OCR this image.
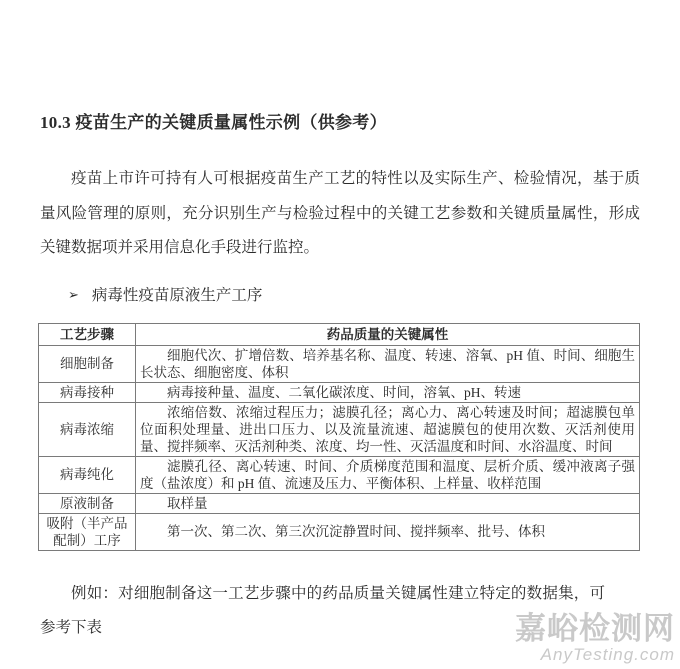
嘉峪检测网
AnyTesting.com
10.3 疫苗生产的关键质量属性示例（供参考）

疫苗上市许可持有人可根据疫苗生产工艺的特性以及实际生产、检验情况，基于质量风险管理的原则，充分识别生产与检验过程中的关键工艺参数和关键质量属性，形成关键数据项并采用信息化手段进行监控。

➢ 病毒性疫苗原液生产工序
工艺步骤	药品质量的关键属性
细胞制备	细胞代次、扩增倍数、培养基名称、温度、转速、溶氧、pH 值、时间、细胞生长状态、细胞密度、体积
病毒接种	病毒接种量、温度、二氧化碳浓度、时间，溶氧、pH、转速
病毒浓缩	浓缩倍数、浓缩过程压力；滤膜孔径；离心力、离心转速及时间；超滤膜包单位面积处理量、进出口压力、以及流量流速、超滤膜包的使用次数、灭活剂使用量、搅拌频率、灭活剂种类、浓度、均一性、灭活温度和时间、水浴温度、时间
病毒纯化	滤膜孔径、离心转速、时间、介质梯度范围和温度、层析介质、缓冲液离子强度（盐浓度）和 pH 值、流速及压力、平衡体积、上样量、收样范围
原液制备	取样量
吸附（半产品配制）工序	第一次、第二次、第三次沉淀静置时间、搅拌频率、批号、体积

例如：对细胞制备这一工艺步骤中的药品质量关键属性建立特定的数据集，可参考下表
